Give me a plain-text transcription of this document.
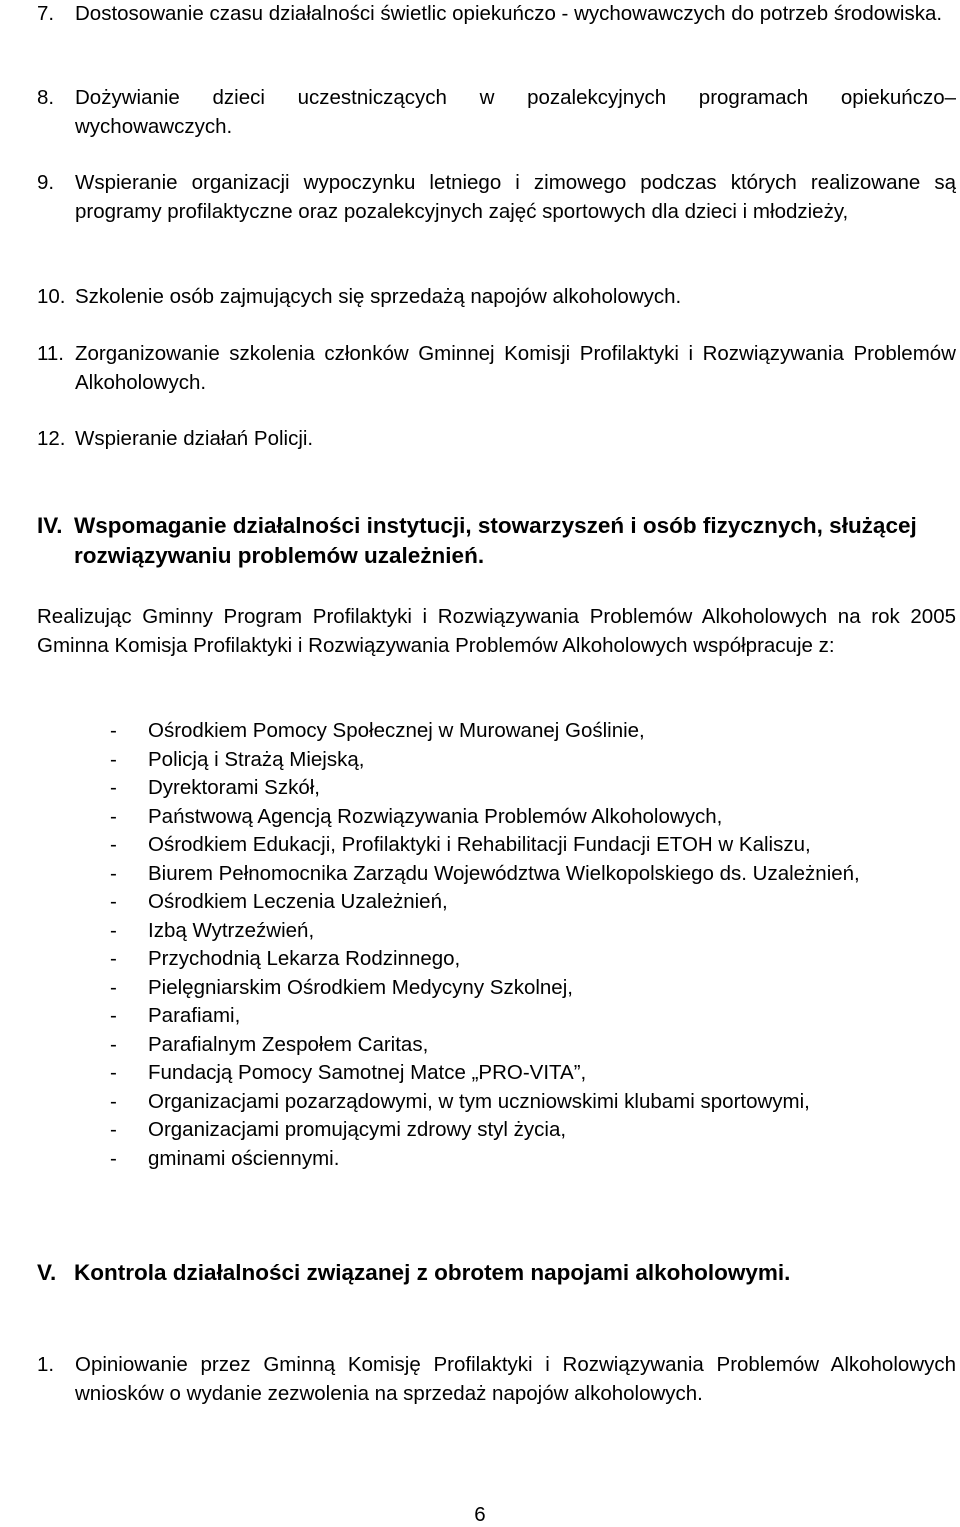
7. Dostosowanie czasu działalności świetlic opiekuńczo - wychowawczych do potrzeb środowiska.
8. Dożywianie dzieci uczestniczących w pozalekcyjnych programach opiekuńczo– wychowawczych.
9. Wspieranie organizacji wypoczynku letniego i zimowego podczas których realizowane są programy profilaktyczne oraz pozalekcyjnych zajęć sportowych dla dzieci i młodzieży,
10. Szkolenie osób zajmujących się sprzedażą napojów alkoholowych.
11. Zorganizowanie szkolenia członków Gminnej Komisji Profilaktyki i Rozwiązywania Problemów Alkoholowych.
12. Wspieranie działań Policji.
IV. Wspomaganie działalności instytucji, stowarzyszeń i osób fizycznych, służącej rozwiązywaniu problemów uzależnień.
Realizując Gminny Program Profilaktyki i Rozwiązywania Problemów Alkoholowych na rok 2005 Gminna Komisja Profilaktyki i Rozwiązywania Problemów Alkoholowych współpracuje z:
- Ośrodkiem Pomocy Społecznej w Murowanej Goślinie,
- Policją i Strażą Miejską,
- Dyrektorami Szkół,
- Państwową Agencją Rozwiązywania Problemów Alkoholowych,
- Ośrodkiem Edukacji, Profilaktyki i Rehabilitacji Fundacji ETOH w Kaliszu,
- Biurem Pełnomocnika Zarządu Województwa Wielkopolskiego ds. Uzależnień,
- Ośrodkiem Leczenia Uzależnień,
- Izbą Wytrzeźwień,
- Przychodnią Lekarza Rodzinnego,
- Pielęgniarskim Ośrodkiem Medycyny Szkolnej,
- Parafiami,
- Parafialnym Zespołem Caritas,
- Fundacją Pomocy Samotnej Matce „PRO-VITA”,
- Organizacjami pozarządowymi, w tym uczniowskimi klubami sportowymi,
- Organizacjami promującymi zdrowy styl życia,
- gminami ościennymi.
V. Kontrola działalności związanej z obrotem napojami alkoholowymi.
1. Opiniowanie przez Gminną Komisję Profilaktyki i Rozwiązywania Problemów Alkoholowych wniosków o wydanie zezwolenia na sprzedaż napojów alkoholowych.
6
